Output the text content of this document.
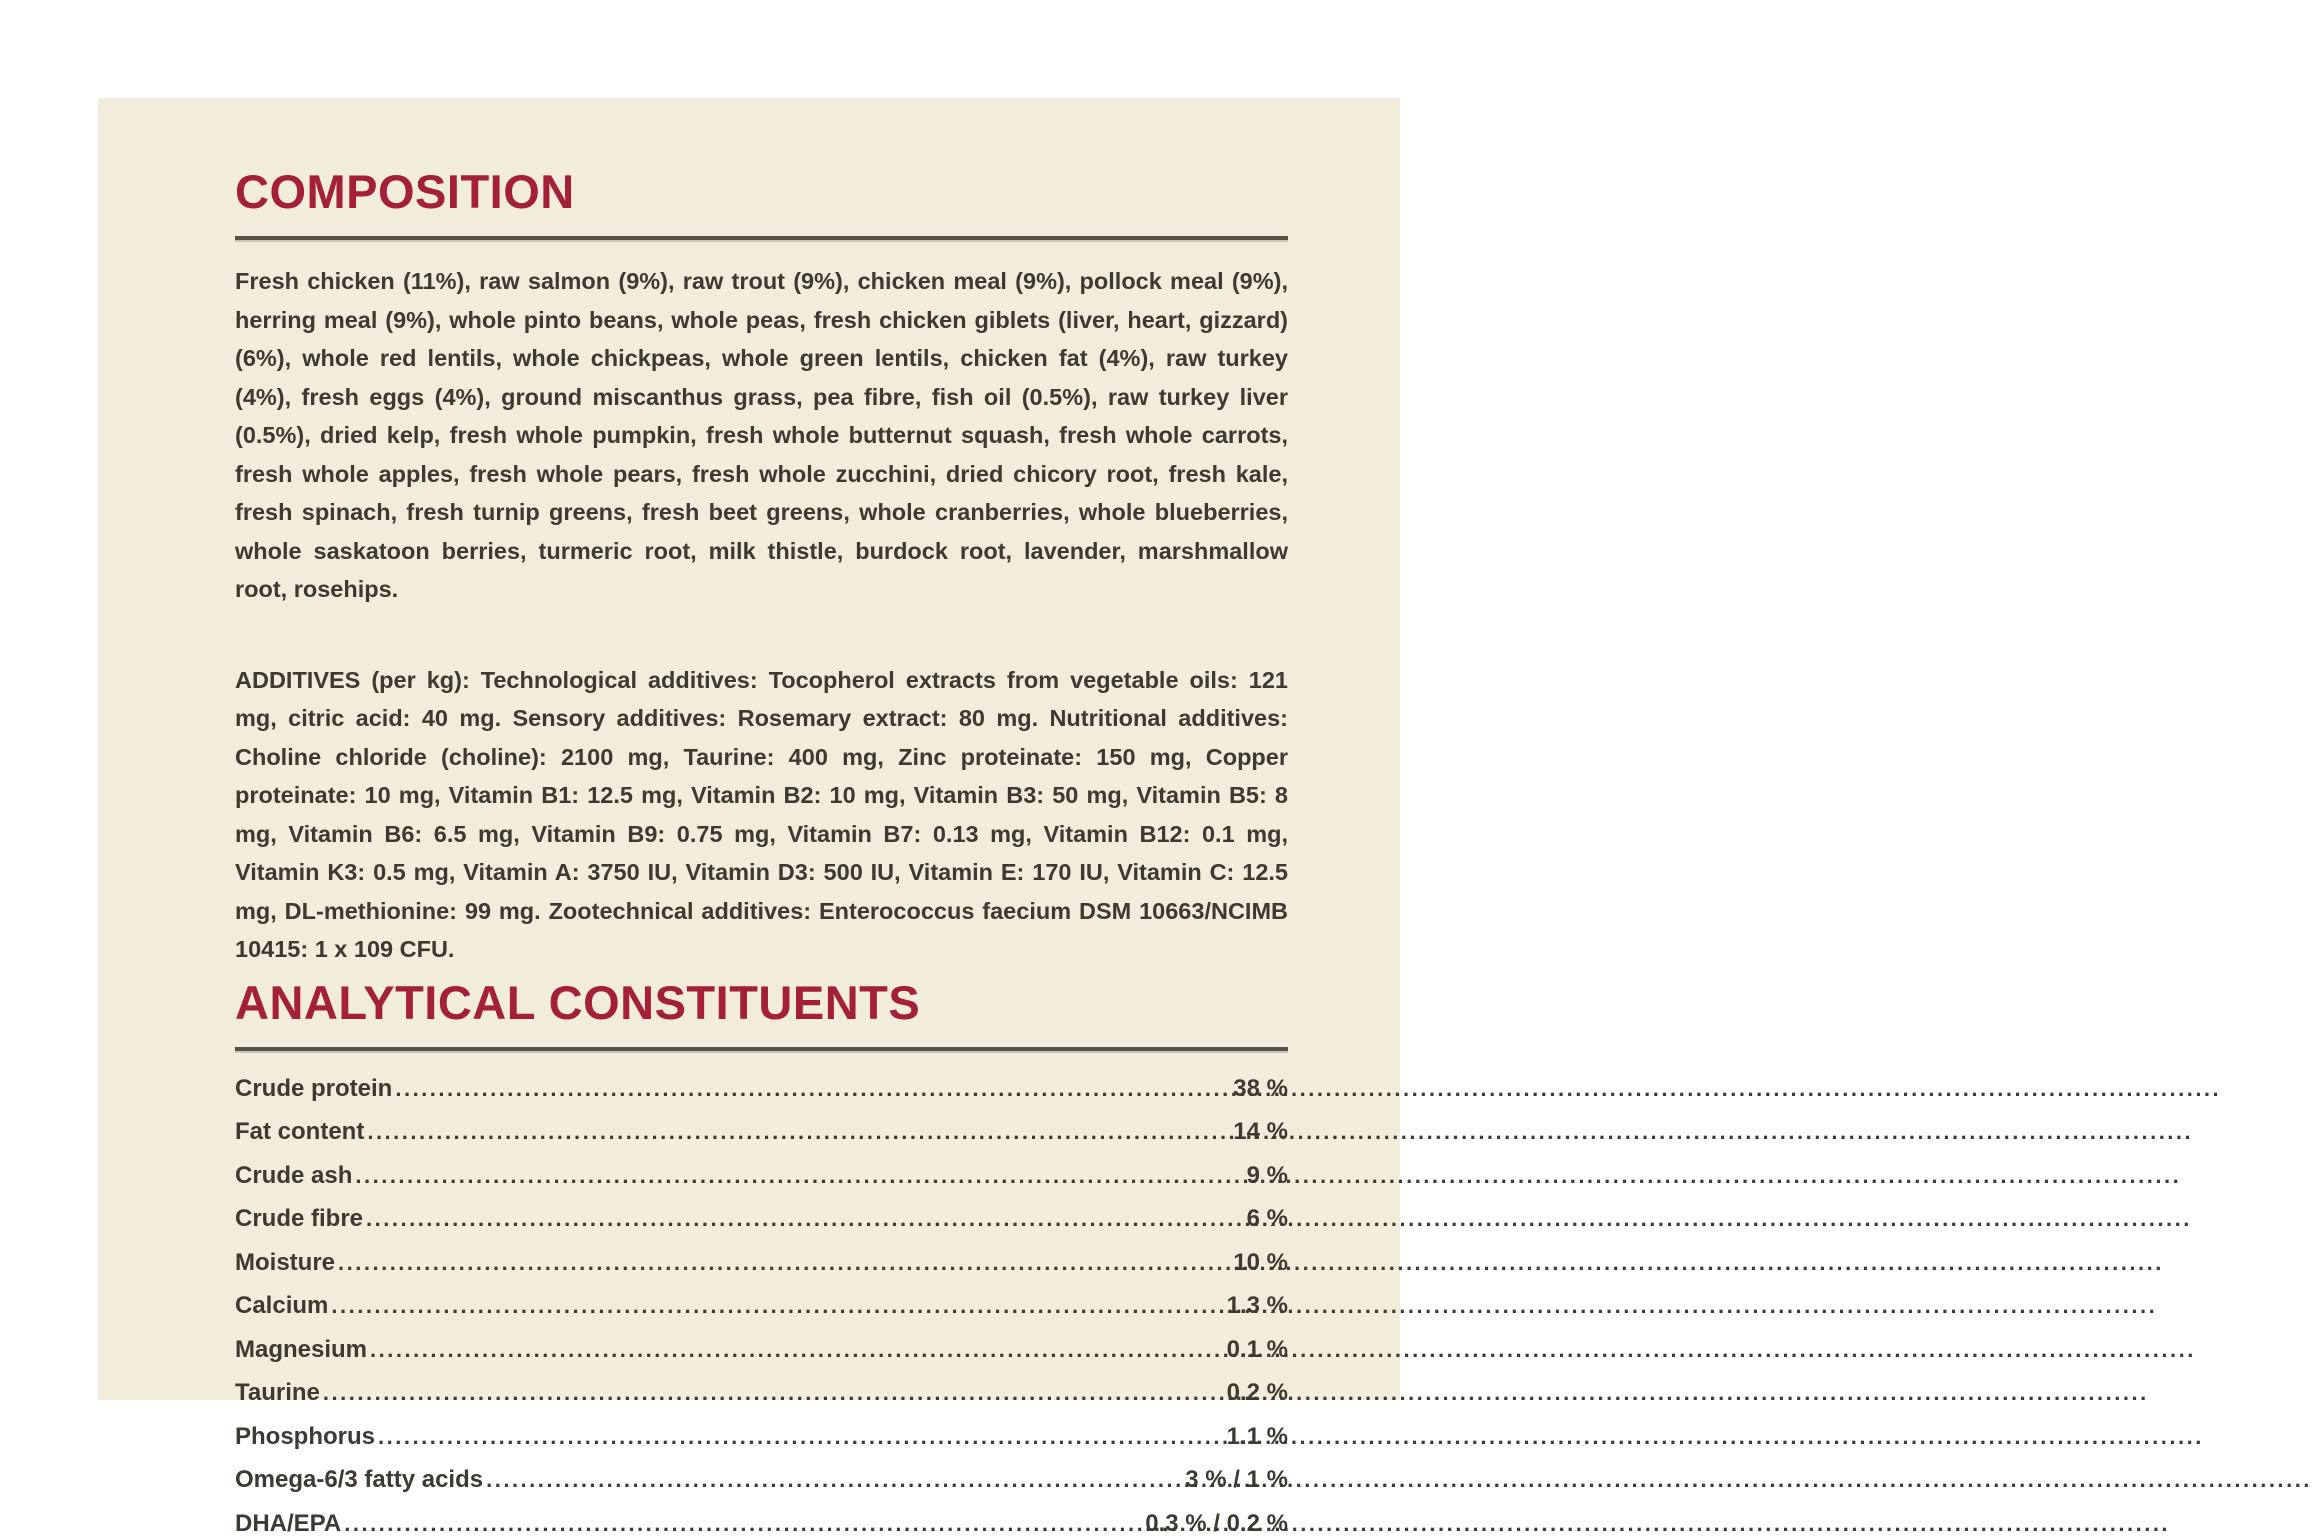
COMPOSITION

Fresh chicken (11%), raw salmon (9%), raw trout (9%), chicken meal (9%), pollock meal (9%), herring meal (9%), whole pinto beans, whole peas, fresh chicken giblets (liver, heart, gizzard)(6%), whole red lentils, whole chickpeas, whole green lentils, chicken fat (4%), raw turkey (4%), fresh eggs (4%), ground miscanthus grass, pea fibre, fish oil (0.5%), raw turkey liver (0.5%), dried kelp, fresh whole pumpkin, fresh whole butternut squash, fresh whole carrots, fresh whole apples, fresh whole pears, fresh whole zucchini, dried chicory root, fresh kale, fresh spinach, fresh turnip greens, fresh beet greens, whole cranberries, whole blueberries, whole saskatoon berries, turmeric root, milk thistle, burdock root, lavender, marshmallow root, rosehips.

ADDITIVES (per kg): Technological additives: Tocopherol extracts from vegetable oils: 121 mg, citric acid: 40 mg. Sensory additives: Rosemary extract: 80 mg. Nutritional additives: Choline chloride (choline): 2100 mg, Taurine: 400 mg, Zinc proteinate: 150 mg, Copper proteinate: 10 mg, Vitamin B1: 12.5 mg, Vitamin B2: 10 mg, Vitamin B3: 50 mg, Vitamin B5: 8 mg, Vitamin B6: 6.5 mg, Vitamin B9: 0.75 mg, Vitamin B7: 0.13 mg, Vitamin B12: 0.1 mg, Vitamin K3: 0.5 mg, Vitamin A: 3750 IU, Vitamin D3: 500 IU, Vitamin E: 170 IU, Vitamin C: 12.5 mg, DL-methionine: 99 mg. Zootechnical additives: Enterococcus faecium DSM 10663/NCIMB 10415: 1 x 109 CFU.

ANALYTICAL CONSTITUENTS
Crude protein .....	38 %
Fat content .....	14 %
Crude ash .....	9 %
Crude fibre .....	6 %
Moisture .....	10 %
Calcium .....	1.3 %
Magnesium .....	0.1 %
Taurine .....	0.2 %
Phosphorus .....	1.1 %
Omega-6/3 fatty acids .....	3 % / 1 %
DHA/EPA .....	0.3 % / 0.2 %
